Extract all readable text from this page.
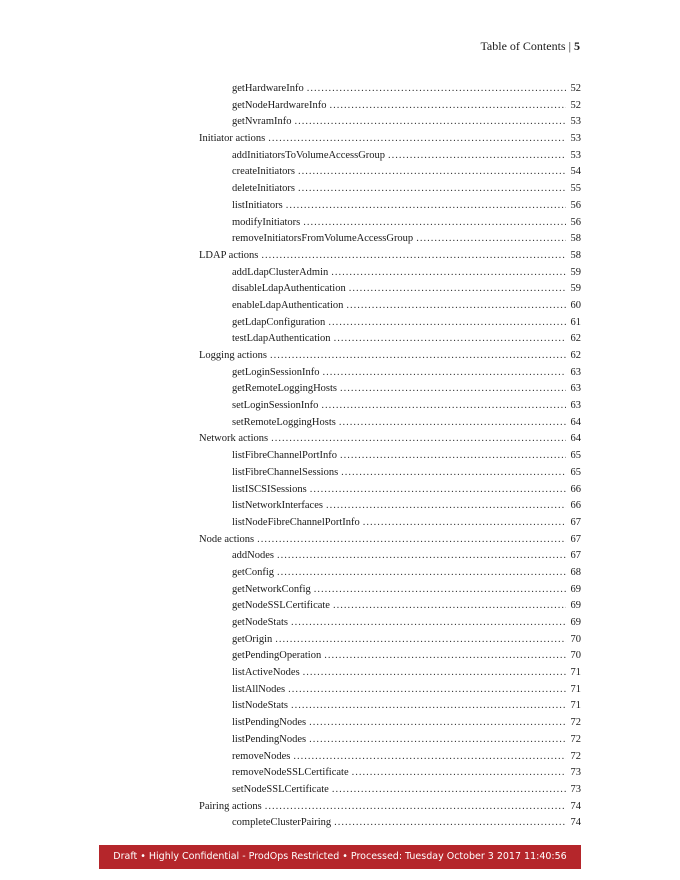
Table of Contents | 5
getHardwareInfo .....	52
getNodeHardwareInfo .....	52
getNvramInfo .....	53
Initiator actions .....	53
addInitiatorsToVolumeAccessGroup .....	53
createInitiators .....	54
deleteInitiators .....	55
listInitiators .....	56
modifyInitiators .....	56
removeInitiatorsFromVolumeAccessGroup .....	58
LDAP actions .....	58
addLdapClusterAdmin .....	59
disableLdapAuthentication .....	59
enableLdapAuthentication .....	60
getLdapConfiguration .....	61
testLdapAuthentication .....	62
Logging actions .....	62
getLoginSessionInfo .....	63
getRemoteLoggingHosts .....	63
setLoginSessionInfo .....	63
setRemoteLoggingHosts .....	64
Network actions .....	64
listFibreChannelPortInfo .....	65
listFibreChannelSessions .....	65
listISCSISessions .....	66
listNetworkInterfaces .....	66
listNodeFibreChannelPortInfo .....	67
Node actions .....	67
addNodes .....	67
getConfig .....	68
getNetworkConfig .....	69
getNodeSSLCertificate .....	69
getNodeStats .....	69
getOrigin .....	70
getPendingOperation .....	70
listActiveNodes .....	71
listAllNodes .....	71
listNodeStats .....	71
listPendingNodes .....	72
listPendingNodes .....	72
removeNodes .....	72
removeNodeSSLCertificate .....	73
setNodeSSLCertificate .....	73
Pairing actions .....	74
completeClusterPairing .....	74
Draft • Highly Confidential - ProdOps Restricted • Processed: Tuesday October 3 2017 11:40:56
